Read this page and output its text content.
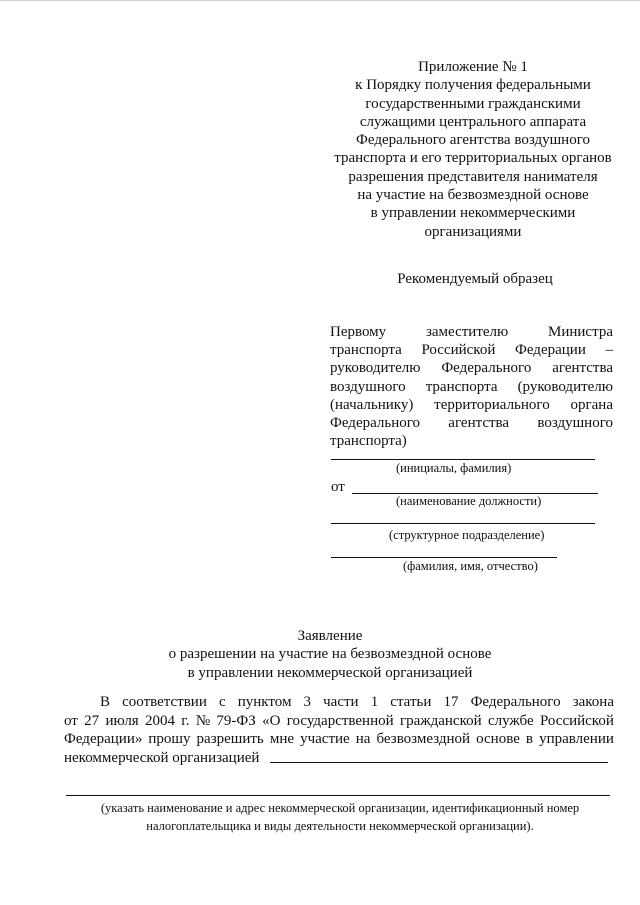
Приложение № 1
к Порядку получения федеральными
государственными гражданскими
служащими центрального аппарата
Федерального агентства воздушного
транспорта и его территориальных органов
разрешения представителя нанимателя
на участие на безвозмездной основе
в управлении некоммерческими
организациями
Рекомендуемый образец
Первому	заместителю	Министра
транспорта Российской Федерации –
руководителю Федерального агентства
воздушного транспорта (руководителю
(начальнику) территориального органа
Федерального агентства воздушного
транспорта)
(инициалы, фамилия)
от
(наименование должности)
(структурное подразделение)
(фамилия, имя, отчество)
Заявление
о разрешении на участие на безвозмездной основе
в управлении некоммерческой организацией
В соответствии с пунктом 3 части 1 статьи 17 Федерального закона
от 27 июля 2004 г. № 79-ФЗ «О государственной гражданской службе Российской
Федерации» прошу разрешить мне участие на безвозмездной основе в управлении
некоммерческой организацией
(указать наименование и адрес некоммерческой организации, идентификационный номер
налогоплательщика и виды деятельности некоммерческой организации).
